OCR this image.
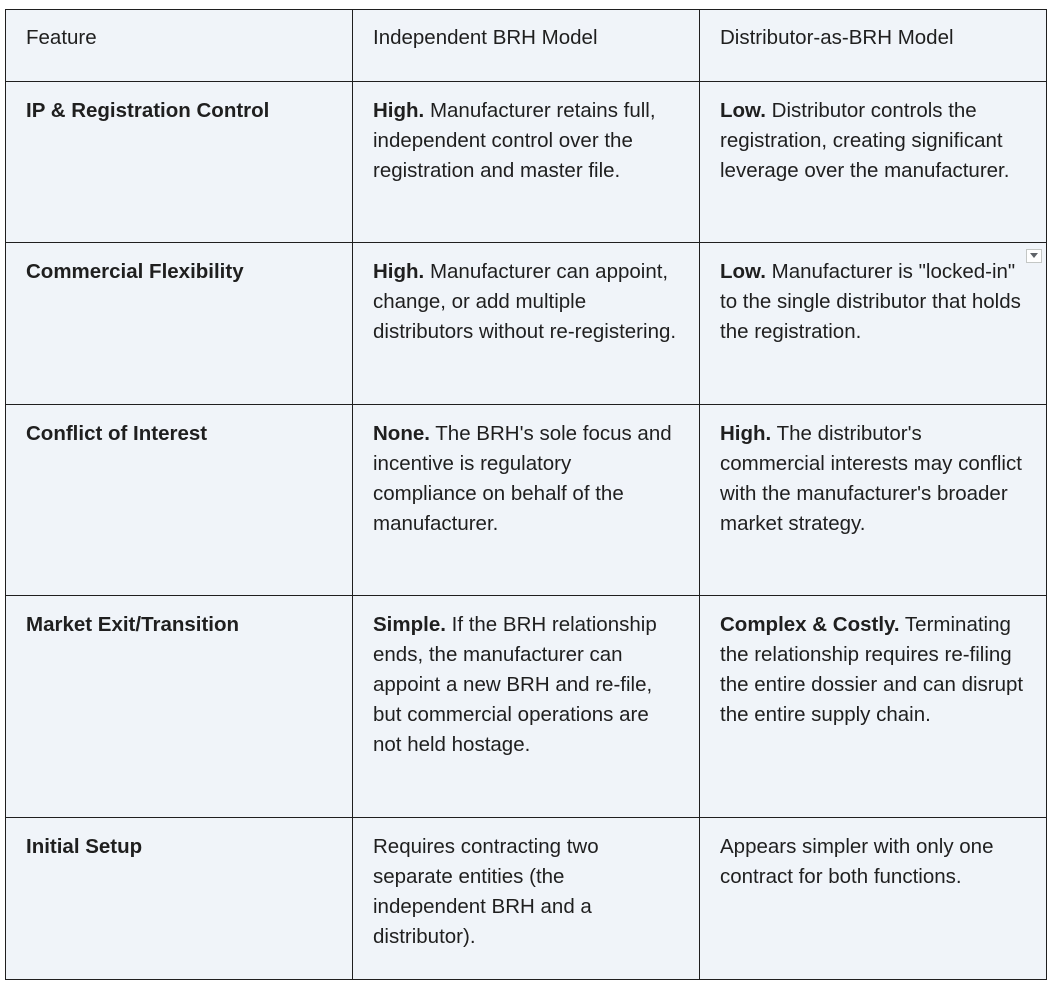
Feature	Independent BRH Model	Distributor-as-BRH Model
IP & Registration Control	High. Manufacturer retains full, independent control over the registration and master file.	Low. Distributor controls the registration, creating significant leverage over the manufacturer.
Commercial Flexibility	High. Manufacturer can appoint, change, or add multiple distributors without re-registering.	Low. Manufacturer is "locked-in" to the single distributor that holds the registration.

Conflict of Interest	None. The BRH's sole focus and incentive is regulatory compliance on behalf of the manufacturer.	High. The distributor's commercial interests may conflict with the manufacturer's broader market strategy.
Market Exit/Transition	Simple. If the BRH relationship ends, the manufacturer can appoint a new BRH and re-file, but commercial operations are not held hostage.	Complex & Costly. Terminating the relationship requires re-filing the entire dossier and can disrupt the entire supply chain.
Initial Setup	Requires contracting two separate entities (the independent BRH and a distributor).	Appears simpler with only one contract for both functions.
